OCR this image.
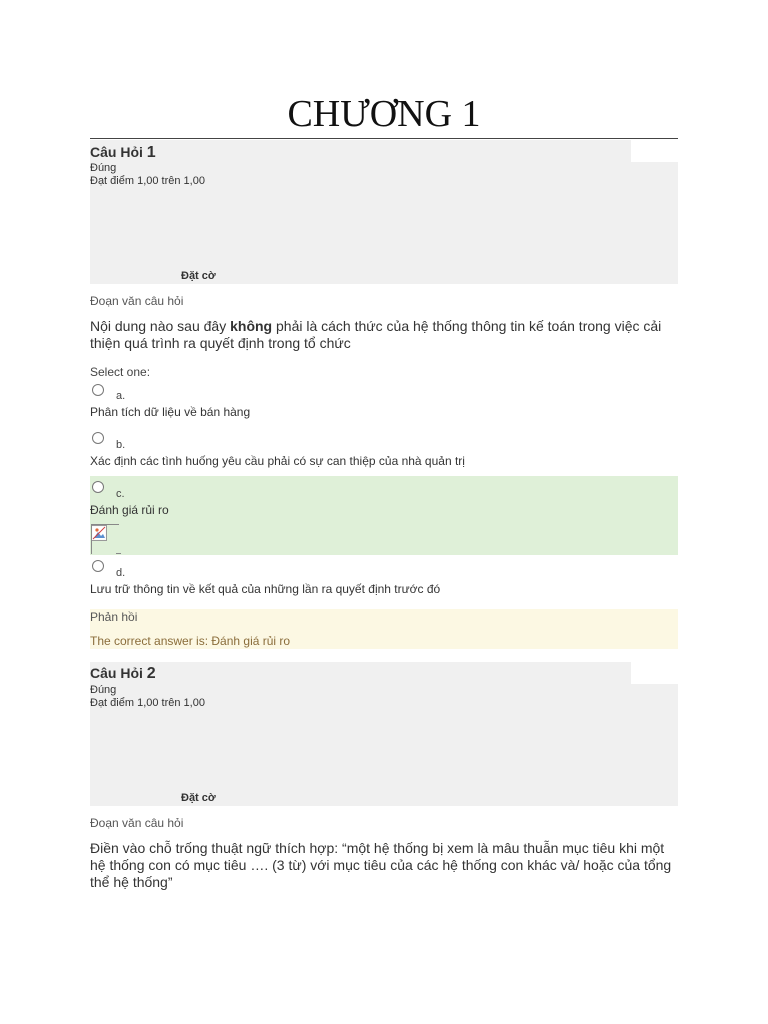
CHƯƠNG 1
Câu Hỏi 1
Đúng
Đạt điểm 1,00 trên 1,00
Đặt cờ
Đoạn văn câu hỏi
Nội dung nào sau đây không phải là cách thức của hệ thống thông tin kế toán trong việc cải thiện quá trình ra quyết định trong tổ chức
Select one:
a.
Phân tích dữ liệu về bán hàng
b.
Xác định các tình huống yêu cầu phải có sự can thiệp của nhà quản trị
c.
Đánh giá rủi ro
d.
Lưu trữ thông tin về kết quả của những lần ra quyết định trước đó
Phản hồi
The correct answer is: Đánh giá rủi ro
Câu Hỏi 2
Đúng
Đạt điểm 1,00 trên 1,00
Đặt cờ
Đoạn văn câu hỏi
Điền vào chỗ trống thuật ngữ thích hợp: “một hệ thống bị xem là mâu thuẫn mục tiêu khi một hệ thống con có mục tiêu …. (3 từ) với mục tiêu của các hệ thống con khác và/ hoặc của tổng thể hệ thống”
